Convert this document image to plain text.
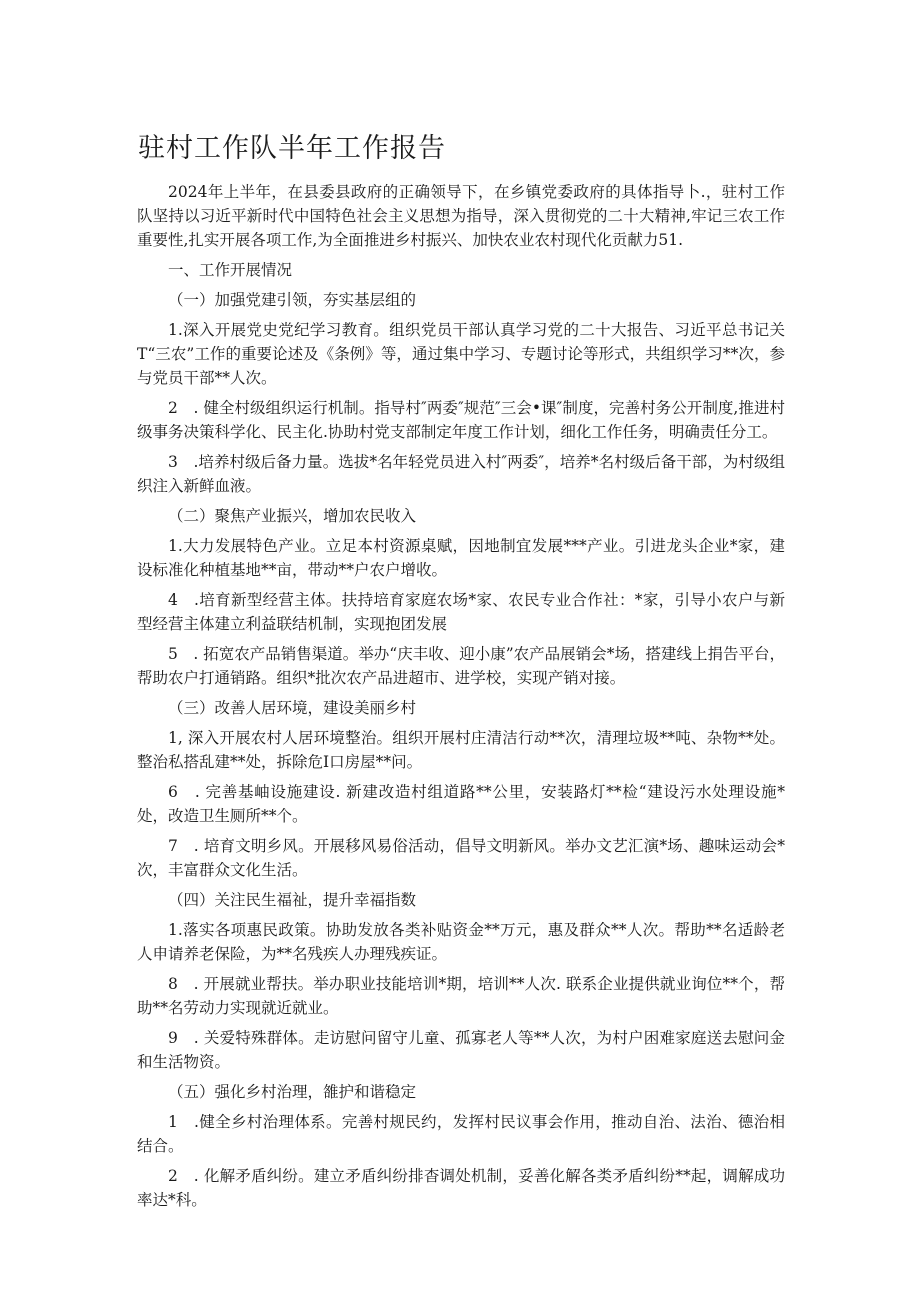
驻村工作队半年工作报告

2024年上半年，在县委县政府的正确领导下，在乡镇党委政府的具体指导卜.，驻村工作队坚持以习近平新时代中国特色社会主义思想为指导，深入贯彻党的二十大精神,牢记三农工作重要性,扎实开展各项工作,为全面推进乡村振兴、加快农业农村现代化贡献力51.

一、工作开展情况

（一）加强党建引领，夯实基层组的

1.深入开展党史党纪学习教育。组织党员干部认真学习党的二十大报告、习近平总书记关T“三农”工作的重要论述及《条例》等，通过集中学习、专题讨论等形式，共组织学习**次，参与党员干部**人次。

2　. 健全村级组织运行机制。指导村″两委″规范″三会•课″制度，完善村务公开制度,推进村级事务决策科学化、民主化.协助村党支部制定年度工作计划，细化工作任务，明确责任分工。

3　.培养村级后备力量。选拔*名年轻党员进入村″两委″，培养*名村级后备干部，为村级组织注入新鲜血液。

（二）聚焦产业振兴，增加农民收入

1.大力发展特色产业。立足本村资源桌赋，因地制宜发展***产业。引进龙头企业*家，建设标准化种植基地**亩，带动**户农户增收。

4　.培育新型经营主体。扶持培育家庭农场*家、农民专业合作社：*家，引导小农户与新型经营主体建立利益联结机制，实现抱团发展

5　. 拓宽农产品销售渠道。举办“庆丰收、迎小康”农产品展销会*场，搭建线上捐告平台，帮助农户打通销路。组织*批次农产品进超市、进学校，实现产销对接。

（三）改善人居环境，建设美丽乡村

1, 深入开展农村人居环境整治。组织开展村庄清洁行动**次，清理垃圾**吨、杂物**处。整治私搭乱建**处，拆除危I口房屋**问。

6　. 完善基岫设施建设. 新建改造村组道路**公里，安装路灯**检“建设污水处理设施*处，改造卫生厕所**个。

7　. 培育文明乡风。开展移风易俗活动，倡导文明新风。举办文艺汇演*场、趣味运动会*次，丰富群众文化生活。

（四）关注民生福祉，提升幸福指数

1.落实各项惠民政策。协助发放各类补贴资金**万元，惠及群众**人次。帮助**名适龄老人申请养老保险，为**名残疾人办理残疾证。

8　. 开展就业帮扶。举办职业技能培训*期，培训**人次. 联系企业提供就业询位**个，帮助**名劳动力实现就近就业。

9　. 关爱特殊群体。走访慰问留守儿童、孤寡老人等**人次，为村户困难家庭送去慰问金和生活物资。

（五）强化乡村治理，雒护和谐稳定

1　.健全乡村治理体系。完善村规民约，发挥村民议事会作用，推动自治、法治、德治相结合。

2　. 化解矛盾纠纷。建立矛盾纠纷排杳调处机制，妥善化解各类矛盾纠纷**起，调解成功率达*科。
